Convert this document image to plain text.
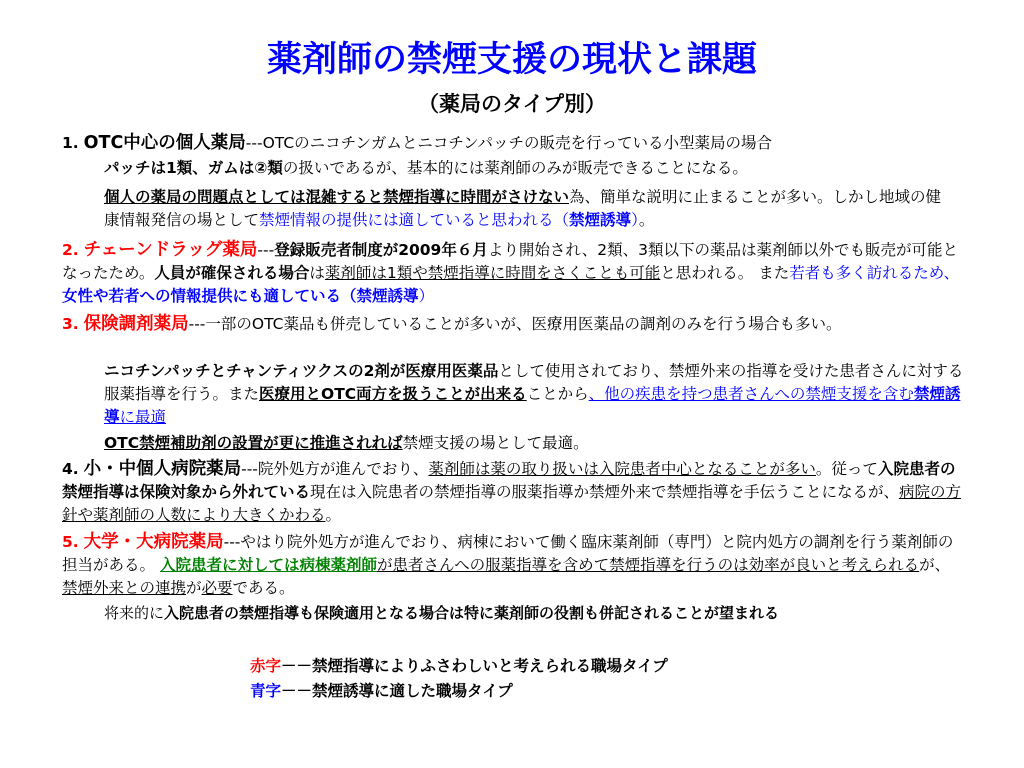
薬剤師の禁煙支援の現状と課題
（薬局のタイプ別）
1. OTC中心の個人薬局---OTCのニコチンガムとニコチンパッチの販売を行っている小型薬局の場合
パッチは1類、ガムは②類の扱いであるが、基本的には薬剤師のみが販売できることになる。
個人の薬局の問題点としては混雑すると禁煙指導に時間がさけない為、簡単な説明に止まることが多い。しかし地域の健康情報発信の場として禁煙情報の提供には適していると思われる（禁煙誘導）。
2. チェーンドラッグ薬局---登録販売者制度が2009年６月より開始され、2類、3類以下の薬品は薬剤師以外でも販売が可能となったため。人員が確保される場合は薬剤師は1類や禁煙指導に時間をさくことも可能と思われる。 また若者も多く訪れるため、女性や若者への情報提供にも適している（禁煙誘導）
3. 保険調剤薬局---一部のOTC薬品も併売していることが多いが、医療用医薬品の調剤のみを行う場合も多い。
ニコチンパッチとチャンティツクスの2剤が医療用医薬品として使用されており、禁煙外来の指導を受けた患者さんに対する服薬指導を行う。また医療用とOTC両方を扱うことが出来ることから、他の疾患を持つ患者さんへの禁煙支援を含む禁煙誘導に最適
OTC禁煙補助剤の設置が更に推進されれば禁煙支援の場として最適。
4. 小・中個人病院薬局---院外処方が進んでおり、薬剤師は薬の取り扱いは入院患者中心となることが多い。従って入院患者の禁煙指導は保険対象から外れている現在は入院患者の禁煙指導の服薬指導か禁煙外来で禁煙指導を手伝うことになるが、病院の方針や薬剤師の人数により大きくかわる。
5. 大学・大病院薬局---やはり院外処方が進んでおり、病棟において働く臨床薬剤師（専門）と院内処方の調剤を行う薬剤師の担当がある。 入院患者に対しては病棟薬剤師が患者さんへの服薬指導を含めて禁煙指導を行うのは効率が良いと考えられるが、禁煙外来との連携が必要である。
将来的に入院患者の禁煙指導も保険適用となる場合は特に薬剤師の役割も併記されることが望まれる
赤字－－禁煙指導によりふさわしいと考えられる職場タイプ
青字－－禁煙誘導に適した職場タイプ
